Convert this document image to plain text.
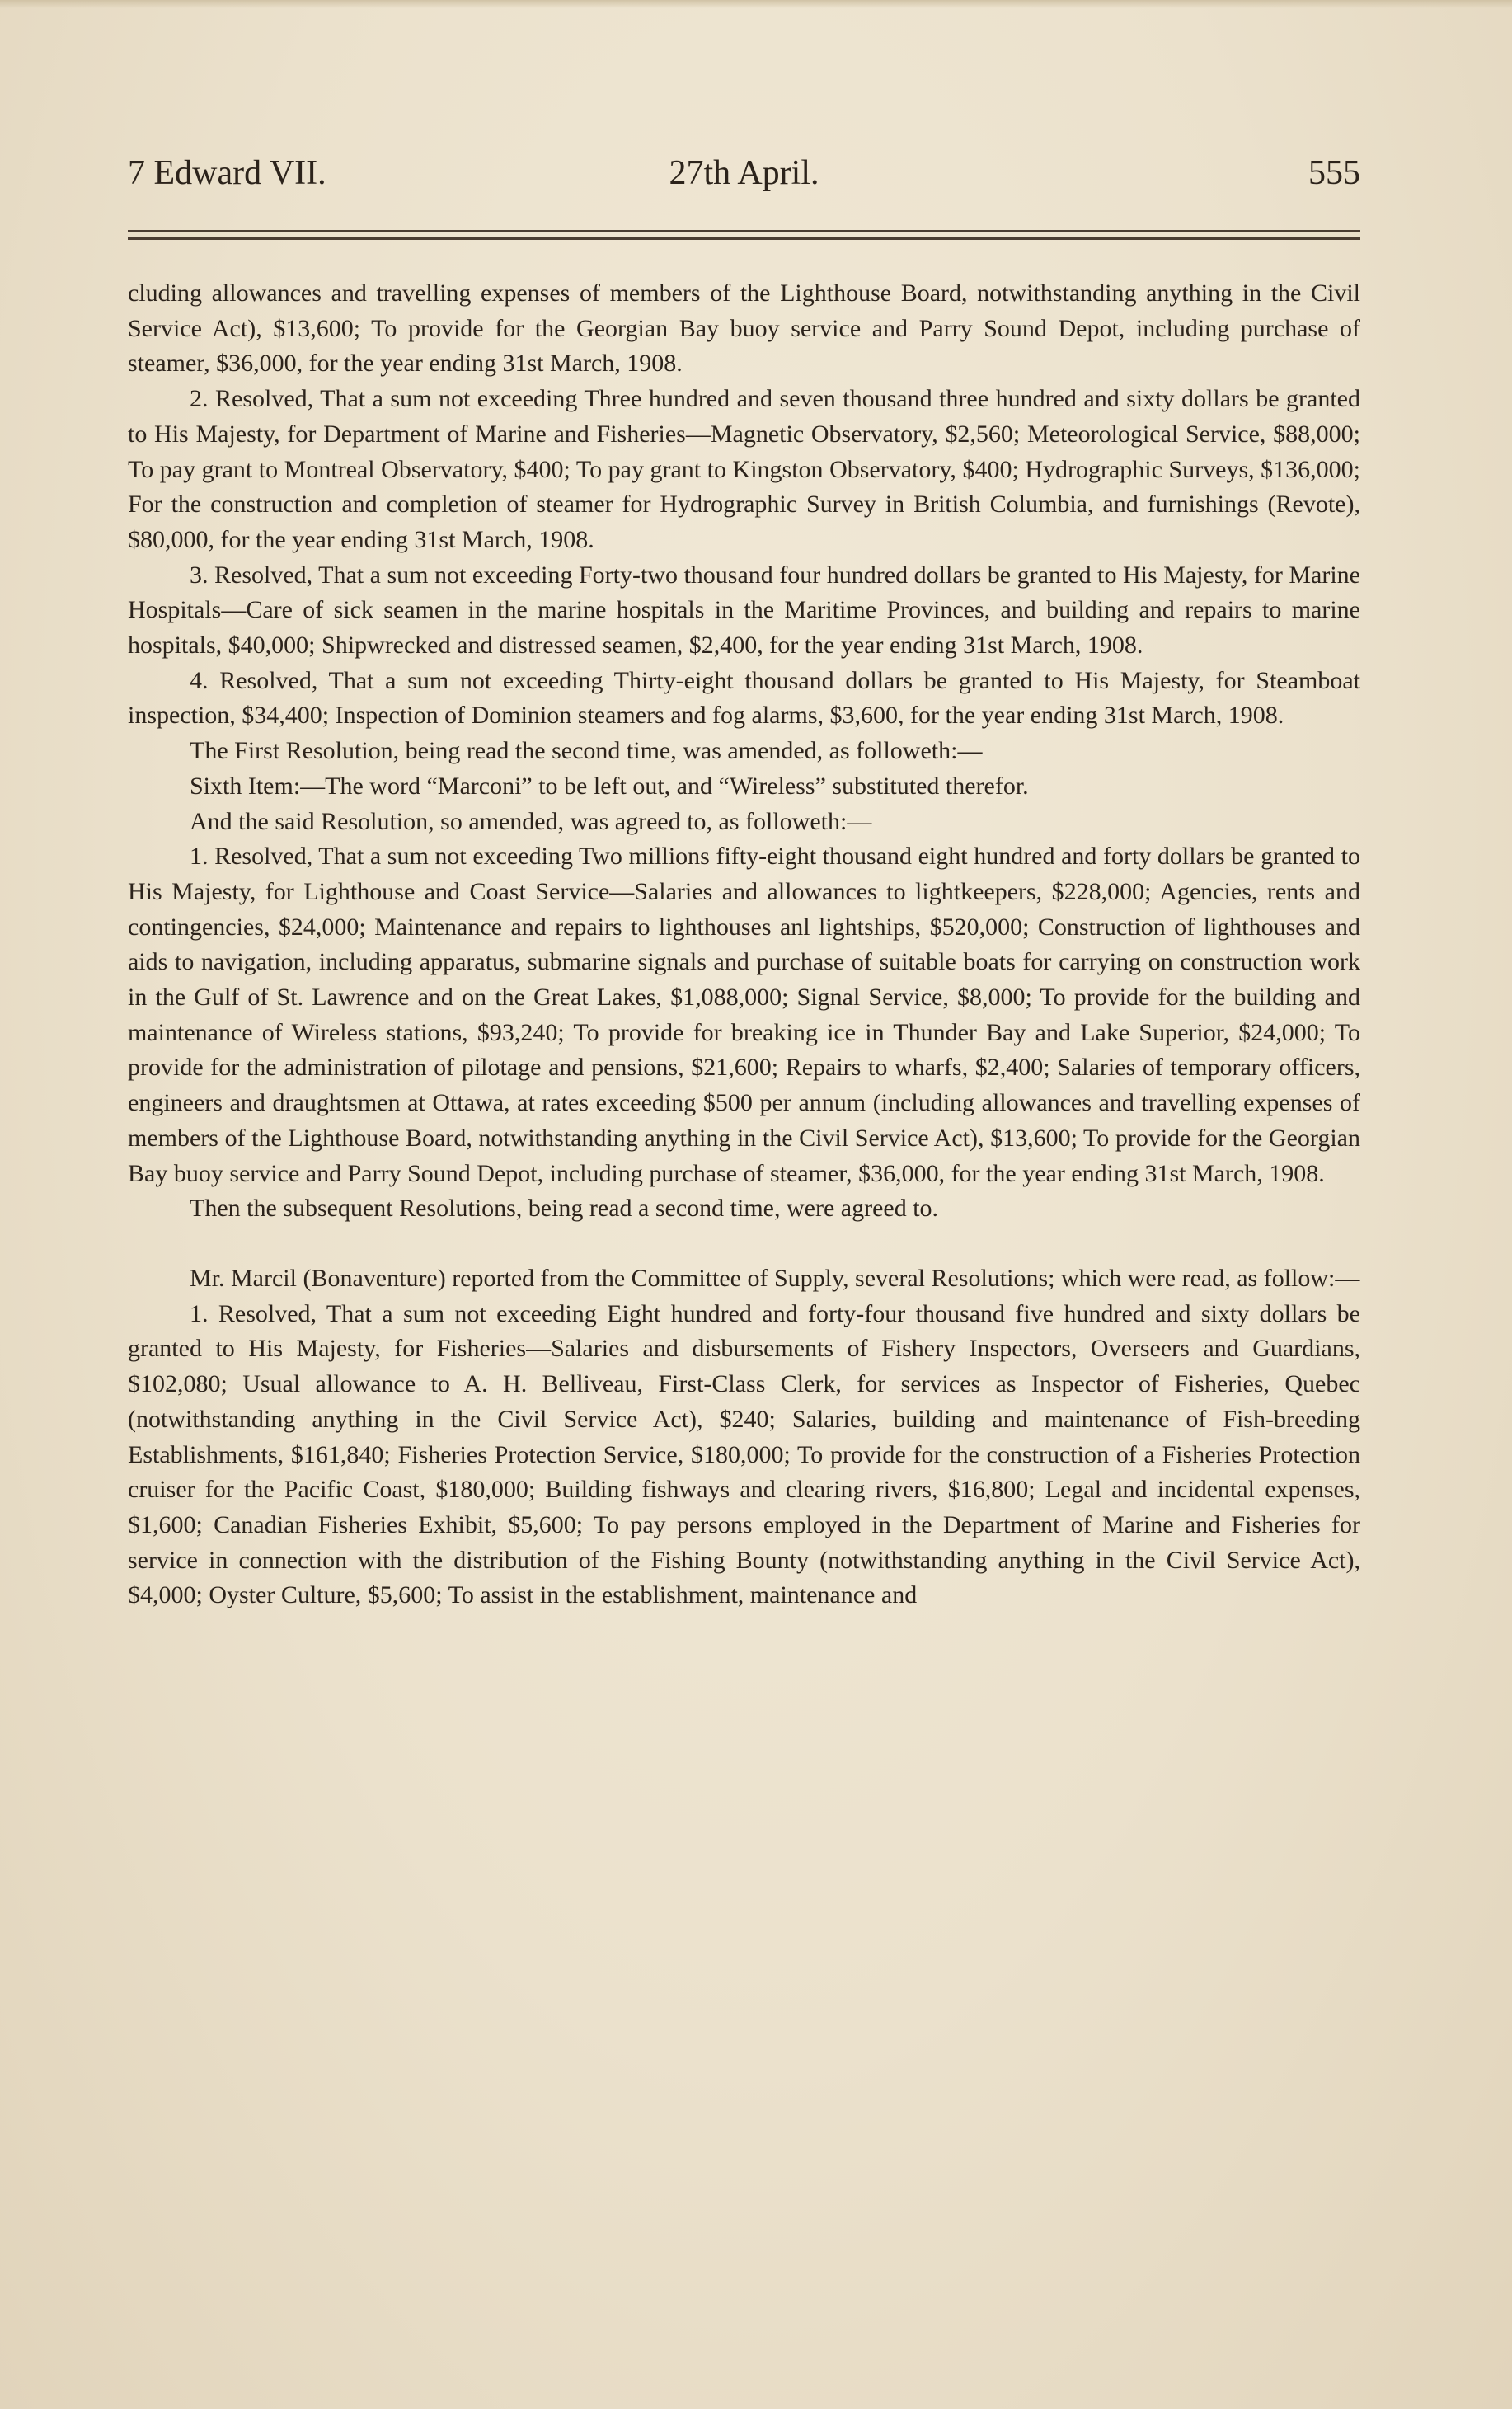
7 Edward VII.	27th April.	555

cluding allowances and travelling expenses of members of the Lighthouse Board, notwithstanding anything in the Civil Service Act), $13,600; To provide for the Georgian Bay buoy service and Parry Sound Depot, including purchase of steamer, $36,000, for the year ending 31st March, 1908.

2. Resolved, That a sum not exceeding Three hundred and seven thousand three hundred and sixty dollars be granted to His Majesty, for Department of Marine and Fisheries—Magnetic Observatory, $2,560; Meteorological Service, $88,000; To pay grant to Montreal Observatory, $400; To pay grant to Kingston Observatory, $400; Hydrographic Surveys, $136,000; For the construction and completion of steamer for Hydrographic Survey in British Columbia, and furnishings (Revote), $80,000, for the year ending 31st March, 1908.

3. Resolved, That a sum not exceeding Forty-two thousand four hundred dollars be granted to His Majesty, for Marine Hospitals—Care of sick seamen in the marine hospitals in the Maritime Provinces, and building and repairs to marine hospitals, $40,000; Shipwrecked and distressed seamen, $2,400, for the year ending 31st March, 1908.

4. Resolved, That a sum not exceeding Thirty-eight thousand dollars be granted to His Majesty, for Steamboat inspection, $34,400; Inspection of Dominion steamers and fog alarms, $3,600, for the year ending 31st March, 1908.

The First Resolution, being read the second time, was amended, as followeth:—

Sixth Item:—The word “Marconi” to be left out, and “Wireless” substituted therefor.

And the said Resolution, so amended, was agreed to, as followeth:—

1. Resolved, That a sum not exceeding Two millions fifty-eight thousand eight hundred and forty dollars be granted to His Majesty, for Lighthouse and Coast Service—Salaries and allowances to lightkeepers, $228,000; Agencies, rents and contingencies, $24,000; Maintenance and repairs to lighthouses anl lightships, $520,000; Construction of lighthouses and aids to navigation, including apparatus, submarine signals and purchase of suitable boats for carrying on construction work in the Gulf of St. Lawrence and on the Great Lakes, $1,088,000; Signal Service, $8,000; To provide for the building and maintenance of Wireless stations, $93,240; To provide for breaking ice in Thunder Bay and Lake Superior, $24,000; To provide for the administration of pilotage and pensions, $21,600; Repairs to wharfs, $2,400; Salaries of temporary officers, engineers and draughtsmen at Ottawa, at rates exceeding $500 per annum (including allowances and travelling expenses of members of the Lighthouse Board, notwithstanding anything in the Civil Service Act), $13,600; To provide for the Georgian Bay buoy service and Parry Sound Depot, including purchase of steamer, $36,000, for the year ending 31st March, 1908.

Then the subsequent Resolutions, being read a second time, were agreed to.

Mr. Marcil (Bonaventure) reported from the Committee of Supply, several Resolutions; which were read, as follow:—

1. Resolved, That a sum not exceeding Eight hundred and forty-four thousand five hundred and sixty dollars be granted to His Majesty, for Fisheries—Salaries and disbursements of Fishery Inspectors, Overseers and Guardians, $102,080; Usual allowance to A. H. Belliveau, First-Class Clerk, for services as Inspector of Fisheries, Quebec (notwithstanding anything in the Civil Service Act), $240; Salaries, building and maintenance of Fish-breeding Establishments, $161,840; Fisheries Protection Service, $180,000; To provide for the construction of a Fisheries Protection cruiser for the Pacific Coast, $180,000; Building fishways and clearing rivers, $16,800; Legal and incidental expenses, $1,600; Canadian Fisheries Exhibit, $5,600; To pay persons employed in the Department of Marine and Fisheries for service in connection with the distribution of the Fishing Bounty (notwithstanding anything in the Civil Service Act), $4,000; Oyster Culture, $5,600; To assist in the establishment, maintenance and
